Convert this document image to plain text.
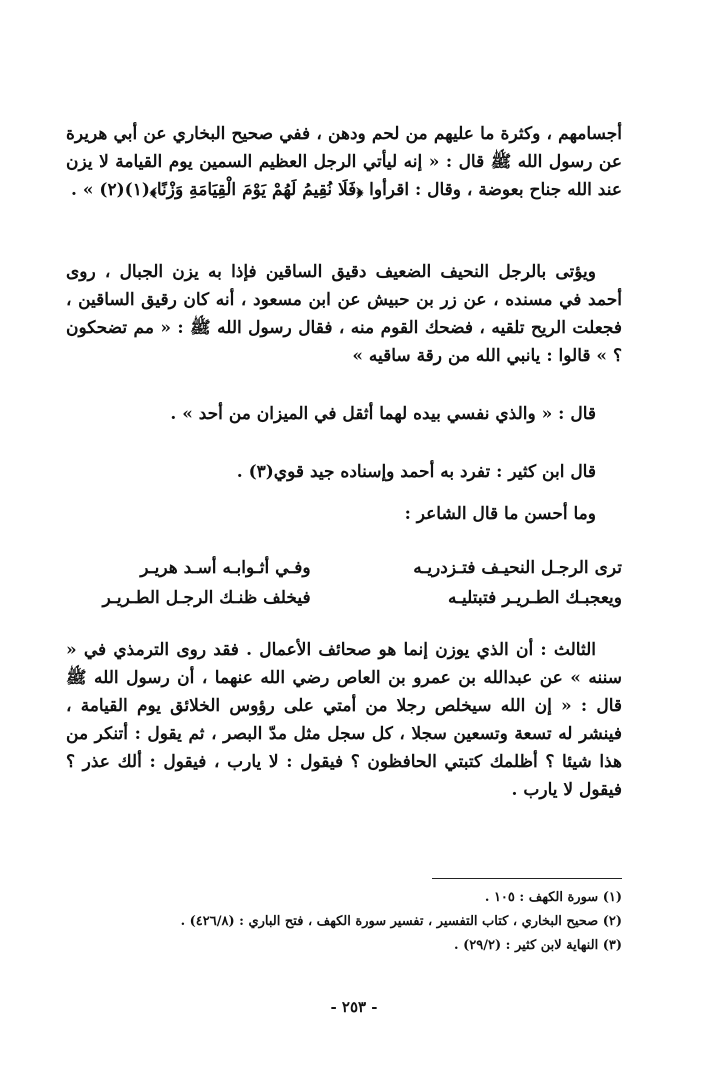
أجسامهم ، وكثرة ما عليهم من لحم ودهن ، ففي صحيح البخاري عن أبي هريرة عن رسول الله ﷺ قال : « إنه ليأتي الرجل العظيم السمين يوم القيامة لا يزن عند الله جناح بعوضة ، وقال : اقرأوا ﴿فَلَا نُقِيمُ لَهُمْ يَوْمَ الْقِيَامَةِ وَزْنًا﴾(١)(٢) » .

ويؤتى بالرجل النحيف الضعيف دقيق الساقين فإذا به يزن الجبال ، روى أحمد في مسنده ، عن زر بن حبيش عن ابن مسعود ، أنه كان رقيق الساقين ، فجعلت الريح تلقيه ، فضحك القوم منه ، فقال رسول الله ﷺ : « مم تضحكون ؟ » قالوا : يانبي الله من رقة ساقيه »

قال : « والذي نفسي بيده لهما أثقل في الميزان من أحد » .

قال ابن كثير : تفرد به أحمد وإسناده جيد قوي(٣) .

وما أحسن ما قال الشاعر :

ترى الرجـل النحيـف فتـزدريـه
وفـي أثـوابـه أسـد هريـر
ويعجبـك الطـريـر فتبتليـه
فيخلف ظنـك الرجـل الطـريـر

الثالث : أن الذي يوزن إنما هو صحائف الأعمال . فقد روى الترمذي في « سننه » عن عبدالله بن عمرو بن العاص رضي الله عنهما ، أن رسول الله ﷺ قال : « إن الله سيخلص رجلا من أمتي على رؤوس الخلائق يوم القيامة ، فينشر له تسعة وتسعين سجلا ، كل سجل مثل مدّ البصر ، ثم يقول : أتنكر من هذا شيئا ؟ أظلمك كتبتي الحافظون ؟ فيقول : لا يارب ، فيقول : ألك عذر ؟ فيقول لا يارب .

(١) سورة الكهف : ١٠٥ .

(٢) صحيح البخاري ، كتاب التفسير ، تفسير سورة الكهف ، فتح الباري : (٤٢٦/٨) .

(٣) النهاية لابن كثير : (٢٩/٢) .

- ٢٥٣ -
